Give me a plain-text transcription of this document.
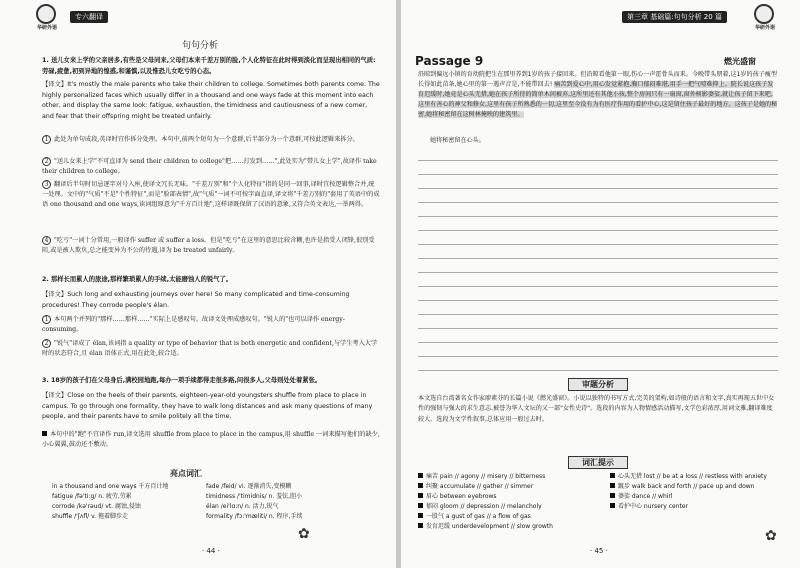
华研外语
专六翻译
句句分析
1. 送儿女来上学的父亲居多,有些是父母同来,父母们本来千差万别的脸,个人化特征在此时得到淡化而呈现出相同的气质:劳碌,疲惫,初到异地的惶惑,和谨慎,以及惟恐儿女吃亏的心态。
【译文】It's mostly the male parents who take their children to college. Sometimes both parents come. The highly personalized faces which usually differ in a thousand and one ways fade at this moment into each other, and display the same look: fatigue, exhaustion, the timidness and cautiousness of a new comer, and fear that their offspring might be treated unfairly.
1 此处为单句成段,英译时宜作拆分处理。本句中,前两个短句为一个意群,后半部分为一个意群,可按此逻辑来拆分。
2 "送儿女来上学"不可直译为 send their children to college"把……打发到……",此处实为"带儿女上学",故译作 take their children to college。
3 翻译后半句时切忌逐字对号入座,使译文冗长无味。"千差万别"和"个人化特征"指的是同一回事,译时宜按逻辑整合并,统一处理。文中的"气质"不是"个性特征",而是"脸部表情",故"气质"一词不可按字面直译,译文将"千差万别的"套用了英语中的成语 one thousand and one ways,读词组原意为"千方百计地",这样译既保留了汉语的意象,又符合英文表达,一举两得。
4 "吃亏"一词十分常用,一般译作 suffer 或 suffer a loss。但是"吃亏"在这里的意思比较含糊,也许是指受人闭锋,很别受阻,或是被人欺负,总之能变异为不公的待遇,译为 be treated unfairly。
2. 那样长而累人的旅途,那样繁琐累人的手续,太能磨蚀人的锐气了。
【译文】Such long and exhausting journeys over here! So many complicated and time-consuming procedures! They corrode people's élan.
1 本句两个并列的"那样……那样……"实际上是感叹句。故译文处理成感叹句。"锐人的"也可以译作 energy-consuming。
2 "锐气"译成了 élan,该词指 a quality or type of behavior that is both energetic and confident,与学生考入大学时的状态符合,且 élan 语体正式,用在此处,较合适。
3. 18岁的孩子们在父母身后,满校园地跑,每办一项手续都得走很多路,问很多人,父母则处处着紧张。
【译文】Close on the heels of their parents, eighteen-year-old youngsters shuffle from place to place in campus. To go through one formality, they have to walk long distances and ask many questions of many people, and their parents have to smile politely all the time.
本句中的"跑"不宜译作 run,译文选用 shuffle from place to place in the campus,用 shuffle 一词来描写他们的缺少,小心翼翼,鼓动还不敷动。
亮点词汇
in a thousand and one ways 千方百计地
fatigue /fə'ti:g/ n. 疲劳,劳累
corrode /kə'rəud/ vt. 腐蚀,侵蚀
shuffle /'ʃʌfl/ v. 拖着脚步走
fade /feid/ vi. 逐渐消失,变模糊
timidness /'timidnis/ n. 羞怯,胆小
élan /ei'lɑ:n/ n. 活力,锐气
formality /fɔ:'mæliti/ n. 程序,手续
· 44 ·
✿
第三章 基础篇:句句分析 20 篇
华研外语
Passage 9	燃光盛窗
沿晾到偏远小镇的育幼院把生在那里养到1岁的孩子接回来。但沿晾看他第一眼,伤心一声霍骨头而来。今晚带头朋着,这1岁的孩子瘦型长得如此苗条,她心里的第一遇声音是,不能带回去! 痛苦到爱心中,用心发觉紧抱,胸口郁闷难堪,用手一把气噎难抑上。院长说这孩子发育迟缓时,她竟是心头无措,她在孩子所待的简单木间被弃,这所里还有其他小孩,整个房间只有一扇窗,窗外树影婆娑,就让孩子留下来吧,这里有善心的神父和修女,这里有孩子所熟悉的一切,这里至今没有为有医疗作用的看护中心,这是留住孩子最好的地方。这孩子是她的秘密,她将秘密留在这树林掩映的建筑里。
她将秘密留在心头。
审题分析
本文选自台湾著名女作家廖素芬的长篇小说《燃光盛窗》。小说以独特的书写方式,完美的架构,如诗般的语言和文字,真实再现五世中女性的强韧与强大的求生意志,被誉为华人文坛的又一部"女性史诗"。选段的内容为人物情感活动描写,文学色彩浓厚,用词文雅,翻译难度较大。选段为文学性叙事,总体应用一般过去时。
词汇提示
痛苦 pain // agony // misery // bitterness
纠聚 accumulate // gather // simmer
眉心 between eyebrows
郁闷 gloom // depression // melancholy
一股气 a gust of gas // a flow of gas
发育迟缓 underdevelopment // slow growth
心头无措 lost // be at a loss // restless with anxiety
踱步 walk back and forth // pace up and down
婆娑 dance // whirl
看护中心 nursery center
· 45 ·
✿
